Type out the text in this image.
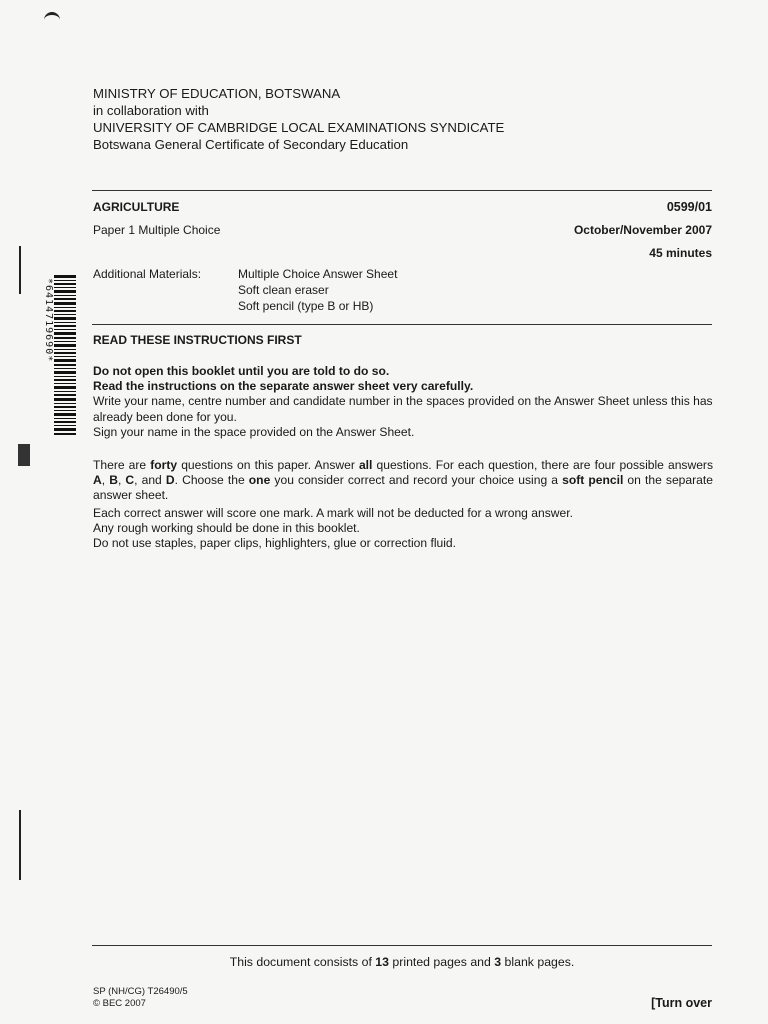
*6414719690*
MINISTRY OF EDUCATION, BOTSWANA
in collaboration with
UNIVERSITY OF CAMBRIDGE LOCAL EXAMINATIONS SYNDICATE
Botswana General Certificate of Secondary Education
AGRICULTURE	0599/01
Paper 1 Multiple Choice	October/November 2007
45 minutes
Additional Materials:	Multiple Choice Answer Sheet
Soft clean eraser
Soft pencil (type B or HB)
READ THESE INSTRUCTIONS FIRST
Do not open this booklet until you are told to do so.
Read the instructions on the separate answer sheet very carefully.
Write your name, centre number and candidate number in the spaces provided on the Answer Sheet unless this has already been done for you.
Sign your name in the space provided on the Answer Sheet.
There are forty questions on this paper. Answer all questions. For each question, there are four possible answers A, B, C, and D. Choose the one you consider correct and record your choice using a soft pencil on the separate answer sheet.
Each correct answer will score one mark. A mark will not be deducted for a wrong answer.
Any rough working should be done in this booklet.
Do not use staples, paper clips, highlighters, glue or correction fluid.
This document consists of 13 printed pages and 3 blank pages.
SP (NH/CG) T26490/5
© BEC 2007	[Turn over
